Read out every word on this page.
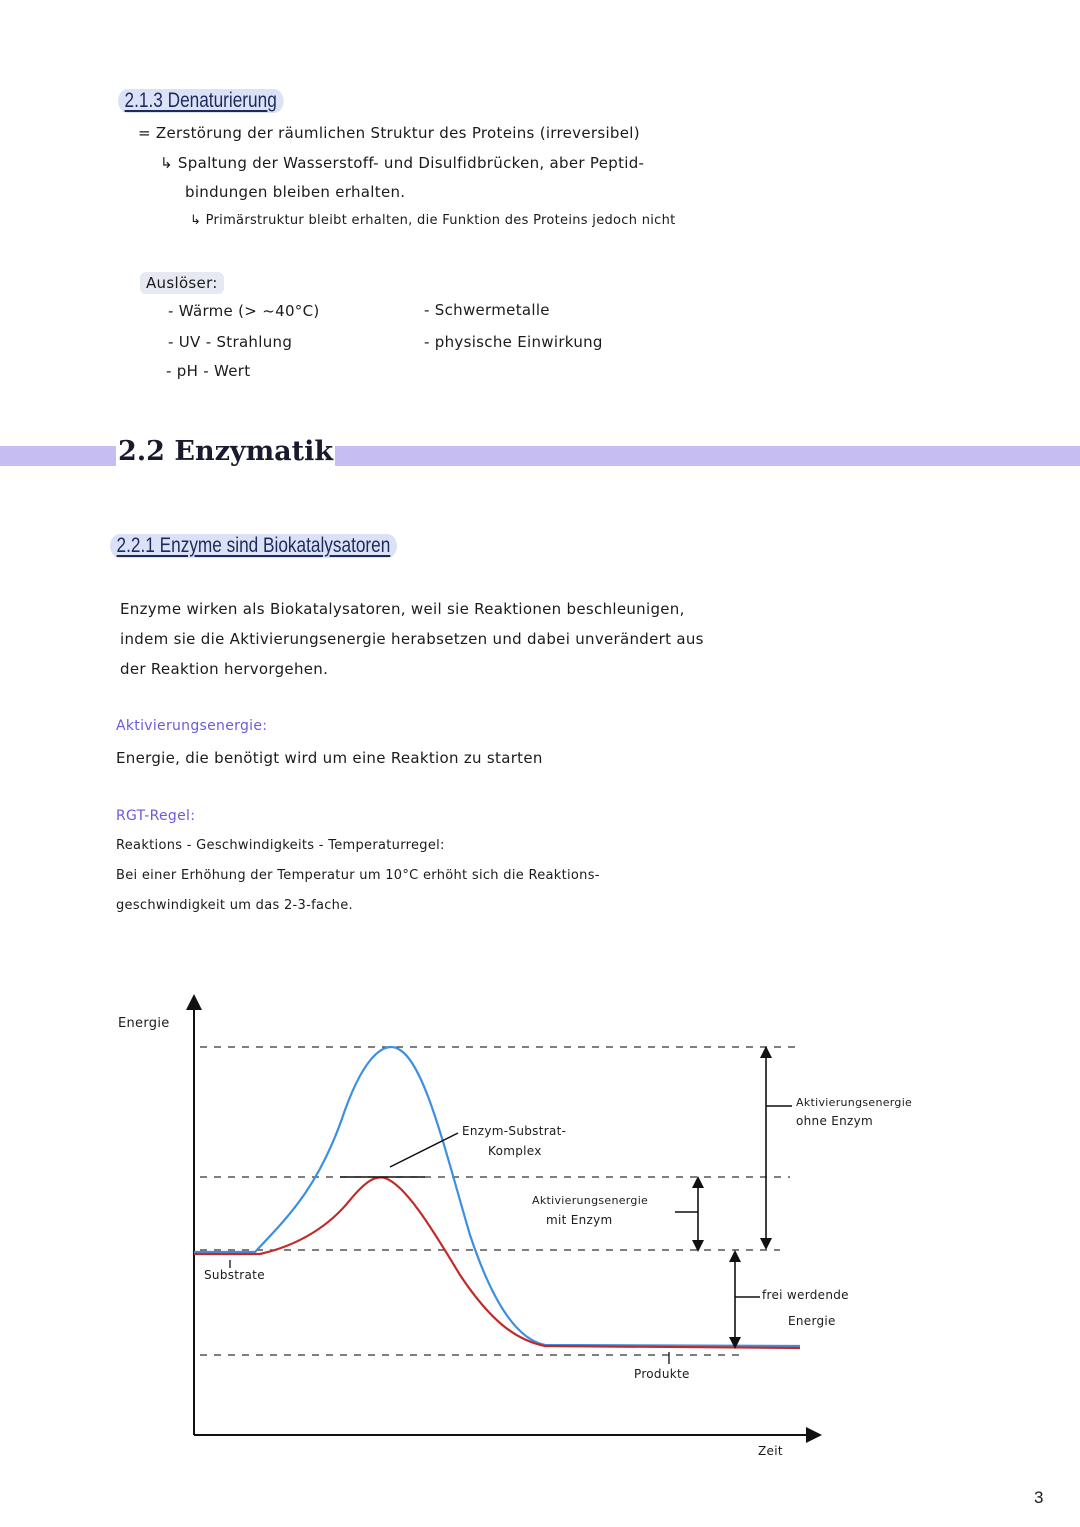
2.1.3 Denaturierung
= Zerstörung der räumlichen Struktur des Proteins (irreversibel)
↳ Spaltung der Wasserstoff- und Disulfidbrücken, aber Peptid-
bindungen bleiben erhalten.
↳ Primärstruktur bleibt erhalten, die Funktion des Proteins jedoch nicht
Auslöser:
- Wärme (> ~40°C)
- UV - Strahlung
- pH - Wert
- Schwermetalle
- physische Einwirkung
2.2 Enzymatik
2.2.1 Enzyme sind Biokatalysatoren
Enzyme wirken als Biokatalysatoren, weil sie Reaktionen beschleunigen,
indem sie die Aktivierungsenergie herabsetzen und dabei unverändert aus
der Reaktion hervorgehen.
Aktivierungsenergie:
Energie, die benötigt wird um eine Reaktion zu starten
RGT-Regel:
Reaktions - Geschwindigkeits - Temperaturregel:
Bei einer Erhöhung der Temperatur um 10°C erhöht sich die Reaktions-
geschwindigkeit um das 2-3-fache.
Energie
Zeit
Substrate
Produkte
Enzym-Substrat-
Komplex
Aktivierungsenergie
mit Enzym
Aktivierungsenergie
ohne Enzym
frei werdende
Energie
3
